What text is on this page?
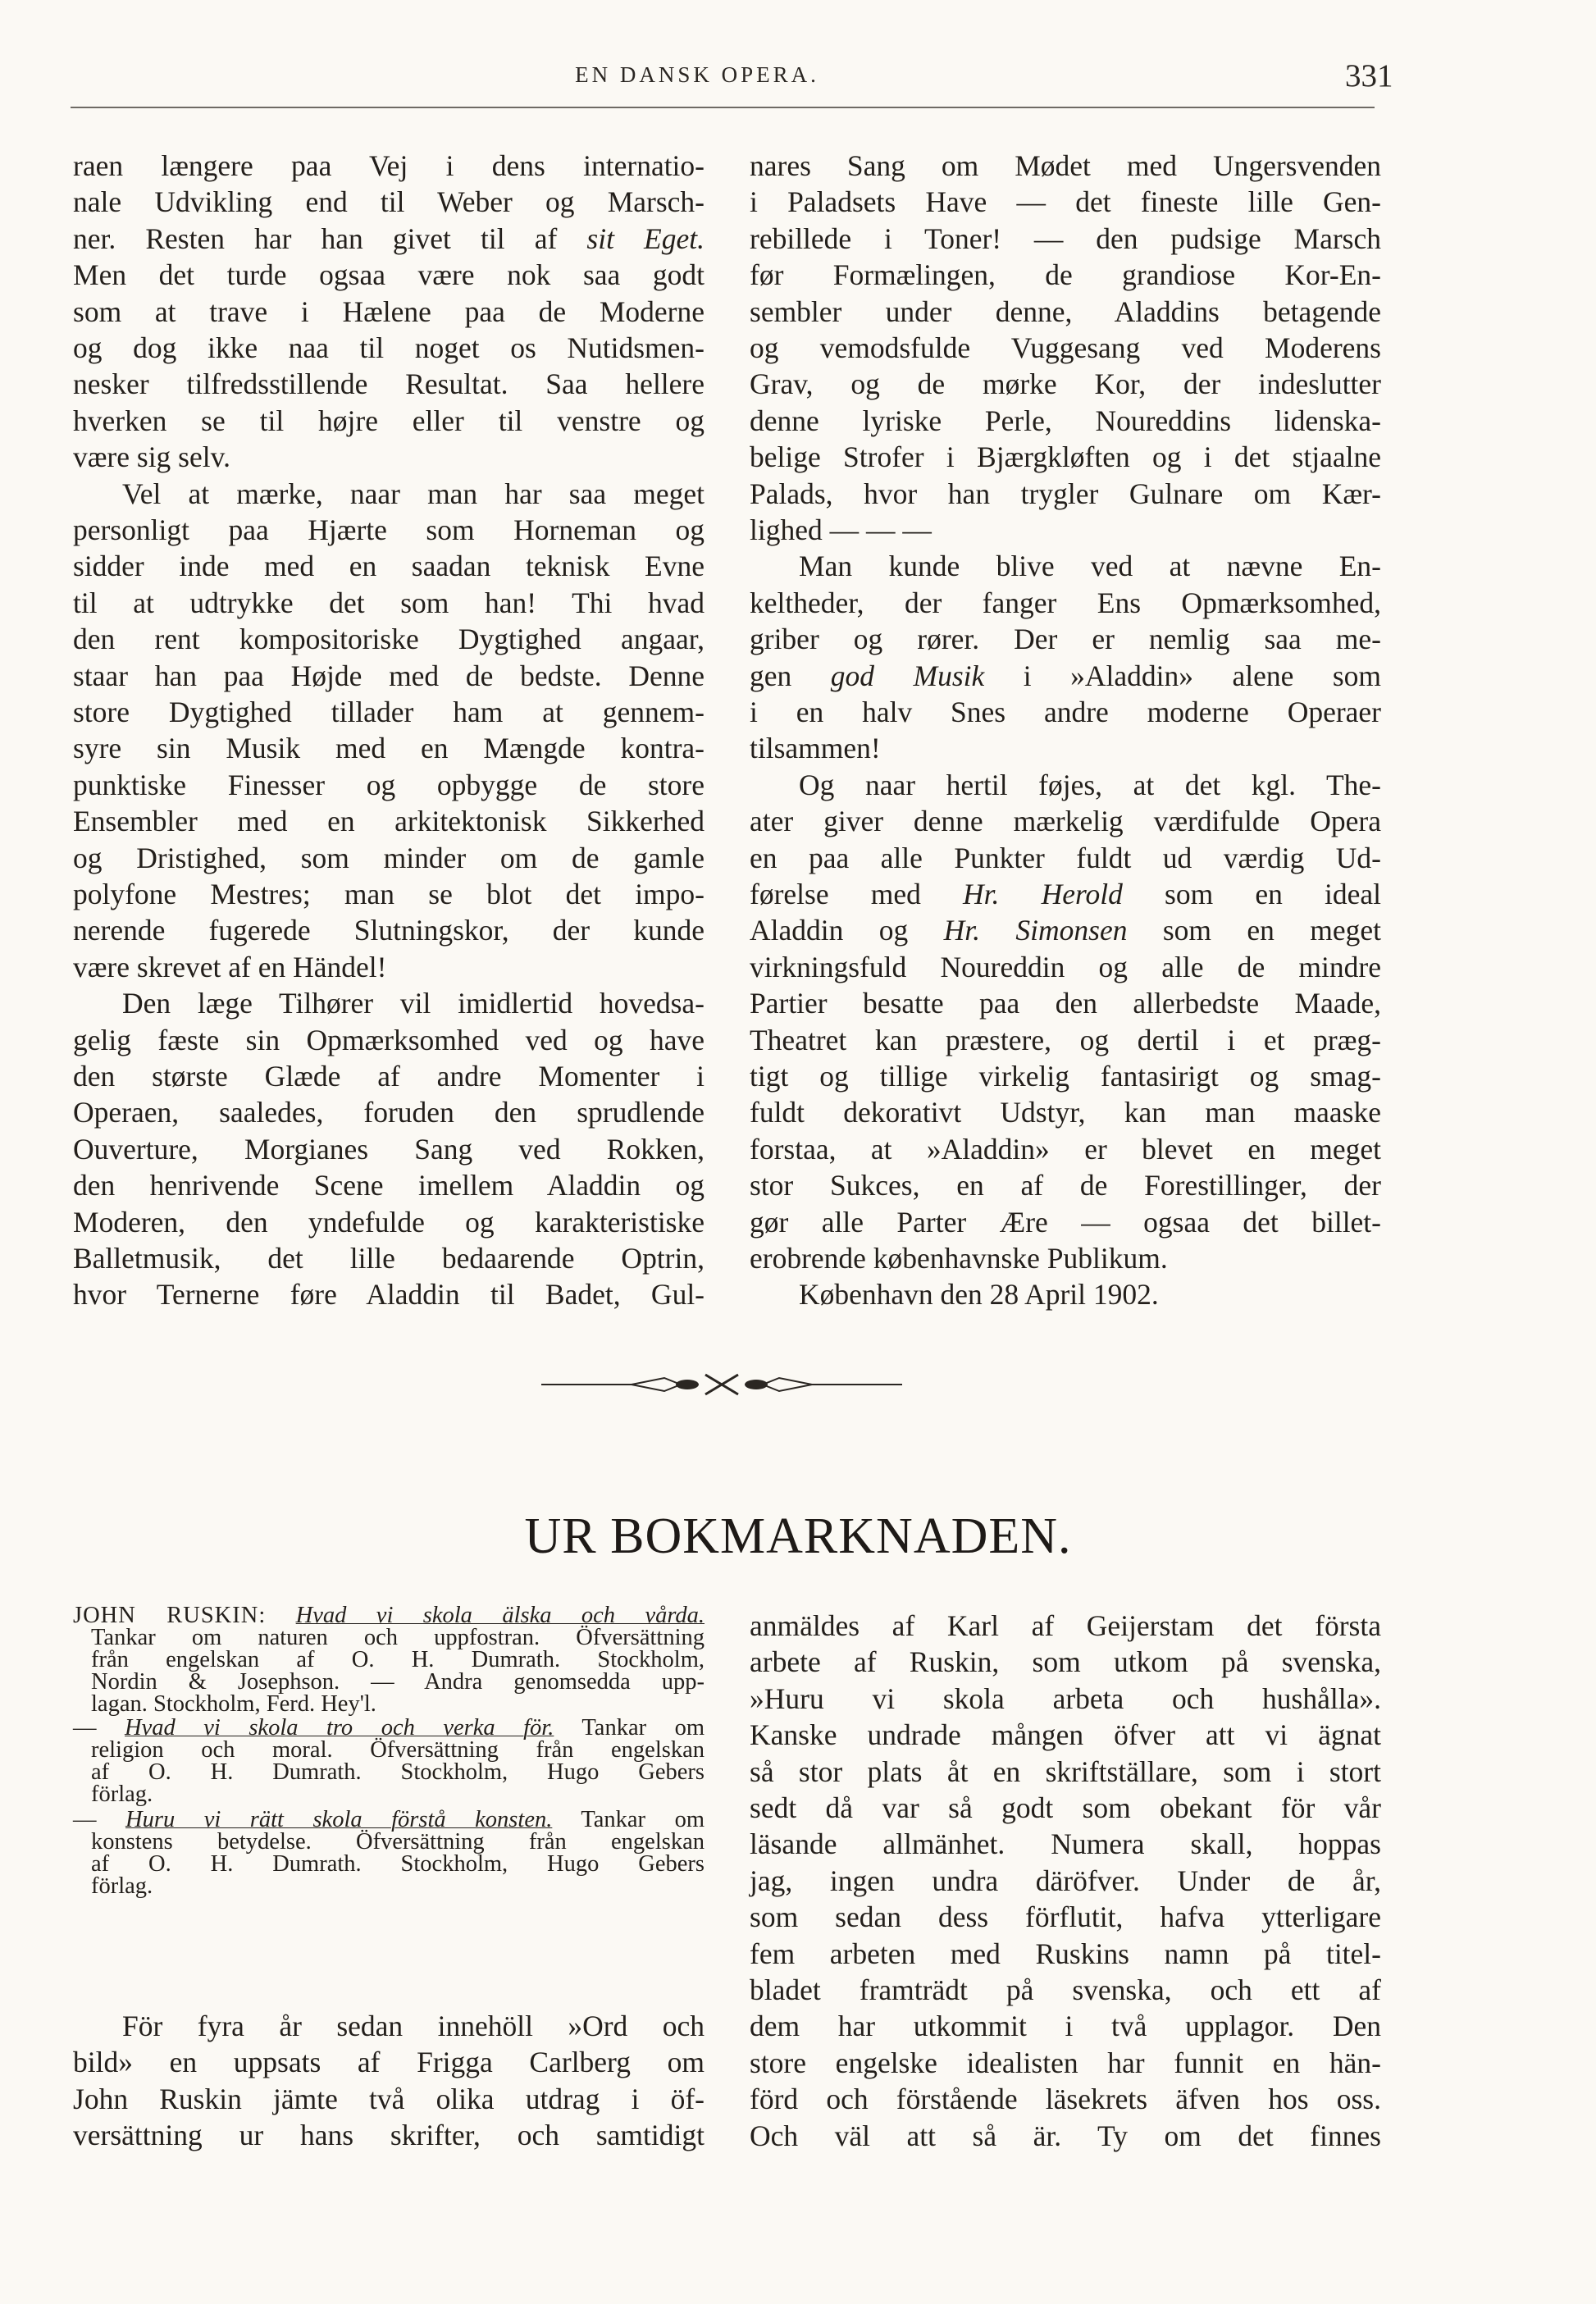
EN DANSK OPERA.	331
raen længere paa Vej i dens internatio-
nale Udvikling end til Weber og Marsch-
ner. Resten har han givet til af sit Eget.
Men det turde ogsaa være nok saa godt
som at trave i Hælene paa de Moderne
og dog ikke naa til noget os Nutidsmen-
nesker tilfredsstillende Resultat. Saa hellere
hverken se til højre eller til venstre og
være sig selv.
Vel at mærke, naar man har saa meget
personligt paa Hjærte som Horneman og
sidder inde med en saadan teknisk Evne
til at udtrykke det som han! Thi hvad
den rent kompositoriske Dygtighed angaar,
staar han paa Højde med de bedste. Denne
store Dygtighed tillader ham at gennem-
syre sin Musik med en Mængde kontra-
punktiske Finesser og opbygge de store
Ensembler med en arkitektonisk Sikkerhed
og Dristighed, som minder om de gamle
polyfone Mestres; man se blot det impo-
nerende fugerede Slutningskor, der kunde
være skrevet af en Händel!
Den læge Tilhører vil imidlertid hovedsa-
gelig fæste sin Opmærksomhed ved og have
den største Glæde af andre Momenter i
Operaen, saaledes, foruden den sprudlende
Ouverture, Morgianes Sang ved Rokken,
den henrivende Scene imellem Aladdin og
Moderen, den yndefulde og karakteristiske
Balletmusik, det lille bedaarende Optrin,
hvor Ternerne føre Aladdin til Badet, Gul-
nares Sang om Mødet med Ungersvenden
i Paladsets Have — det fineste lille Gen-
rebillede i Toner! — den pudsige Marsch
før Formælingen, de grandiose Kor-En-
sembler under denne, Aladdins betagende
og vemodsfulde Vuggesang ved Moderens
Grav, og de mørke Kor, der indeslutter
denne lyriske Perle, Noureddins lidenska-
belige Strofer i Bjærgkløften og i det stjaalne
Palads, hvor han trygler Gulnare om Kær-
lighed — — —
Man kunde blive ved at nævne En-
keltheder, der fanger Ens Opmærksomhed,
griber og rører. Der er nemlig saa me-
gen god Musik i »Aladdin» alene som
i en halv Snes andre moderne Operaer
tilsammen!
Og naar hertil føjes, at det kgl. The-
ater giver denne mærkelig værdifulde Opera
en paa alle Punkter fuldt ud værdig Ud-
førelse med Hr. Herold som en ideal
Aladdin og Hr. Simonsen som en meget
virkningsfuld Noureddin og alle de mindre
Partier besatte paa den allerbedste Maade,
Theatret kan præstere, og dertil i et præg-
tigt og tillige virkelig fantasirigt og smag-
fuldt dekorativt Udstyr, kan man maaske
forstaa, at »Aladdin» er blevet en meget
stor Sukces, en af de Forestillinger, der
gør alle Parter Ære — ogsaa det billet-
erobrende københavnske Publikum.
København den 28 April 1902.
UR BOKMARKNADEN.
JOHN RUSKIN: Hvad vi skola älska och vårda.
Tankar om naturen och uppfostran. Öfversättning
från engelskan af O. H. Dumrath. Stockholm,
Nordin & Josephson. — Andra genomsedda upp-
lagan. Stockholm, Ferd. Hey'l.
— Hvad vi skola tro och verka för. Tankar om
religion och moral. Öfversättning från engelskan
af O. H. Dumrath. Stockholm, Hugo Gebers
förlag.
— Huru vi rätt skola förstå konsten. Tankar om
konstens betydelse. Öfversättning från engelskan
af O. H. Dumrath. Stockholm, Hugo Gebers
förlag.
För fyra år sedan innehöll »Ord och
bild» en uppsats af Frigga Carlberg om
John Ruskin jämte två olika utdrag i öf-
versättning ur hans skrifter, och samtidigt
anmäldes af Karl af Geijerstam det första
arbete af Ruskin, som utkom på svenska,
»Huru vi skola arbeta och hushålla».
Kanske undrade mången öfver att vi ägnat
så stor plats åt en skriftställare, som i stort
sedt då var så godt som obekant för vår
läsande allmänhet. Numera skall, hoppas
jag, ingen undra däröfver. Under de år,
som sedan dess förflutit, hafva ytterligare
fem arbeten med Ruskins namn på titel-
bladet framträdt på svenska, och ett af
dem har utkommit i två upplagor. Den
store engelske idealisten har funnit en hän-
förd och förstående läsekrets äfven hos oss.
Och väl att så är. Ty om det finnes
